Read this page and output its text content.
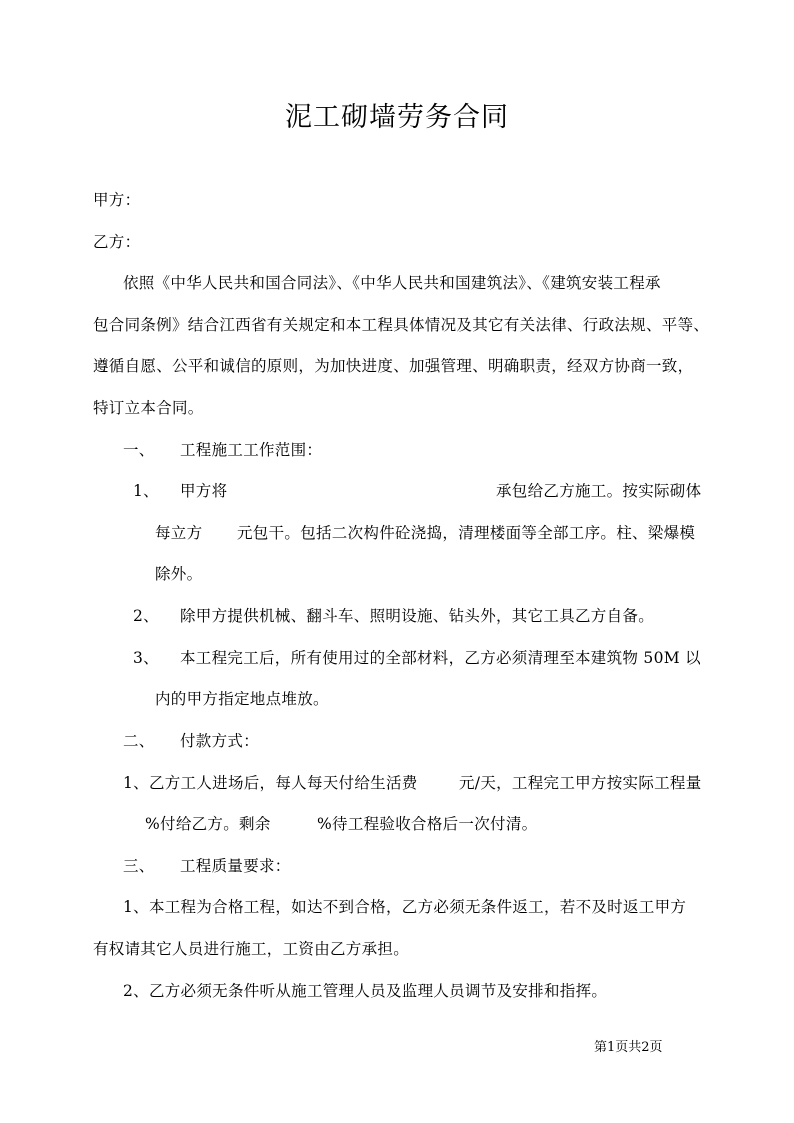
泥工砌墙劳务合同
甲方：
乙方：
依照《中华人民共和国合同法》、《中华人民共和国建筑法》、《建筑安装工程承
包合同条例》结合江西省有关规定和本工程具体情况及其它有关法律、行政法规、平等、
遵循自愿、公平和诚信的原则，为加快进度、加强管理、明确职责，经双方协商一致，
特订立本合同。
一、 工程施工工作范围：
1、 甲方将	承包给乙方施工。按实际砌体
每立方 元包干。包括二次构件砼浇捣，清理楼面等全部工序。柱、梁爆模
除外。
2、 除甲方提供机械、翻斗车、照明设施、钻头外，其它工具乙方自备。
3、 本工程完工后，所有使用过的全部材料，乙方必须清理至本建筑物 50M 以
内的甲方指定地点堆放。
二、 付款方式：
1、乙方工人进场后，每人每天付给生活费	元/天，工程完工甲方按实际工程量
%付给乙方。剩余	%待工程验收合格后一次付清。
三、 工程质量要求：
1、本工程为合格工程，如达不到合格，乙方必须无条件返工，若不及时返工甲方
有权请其它人员进行施工，工资由乙方承担。
2、乙方必须无条件听从施工管理人员及监理人员调节及安排和指挥。
第1页共2页
